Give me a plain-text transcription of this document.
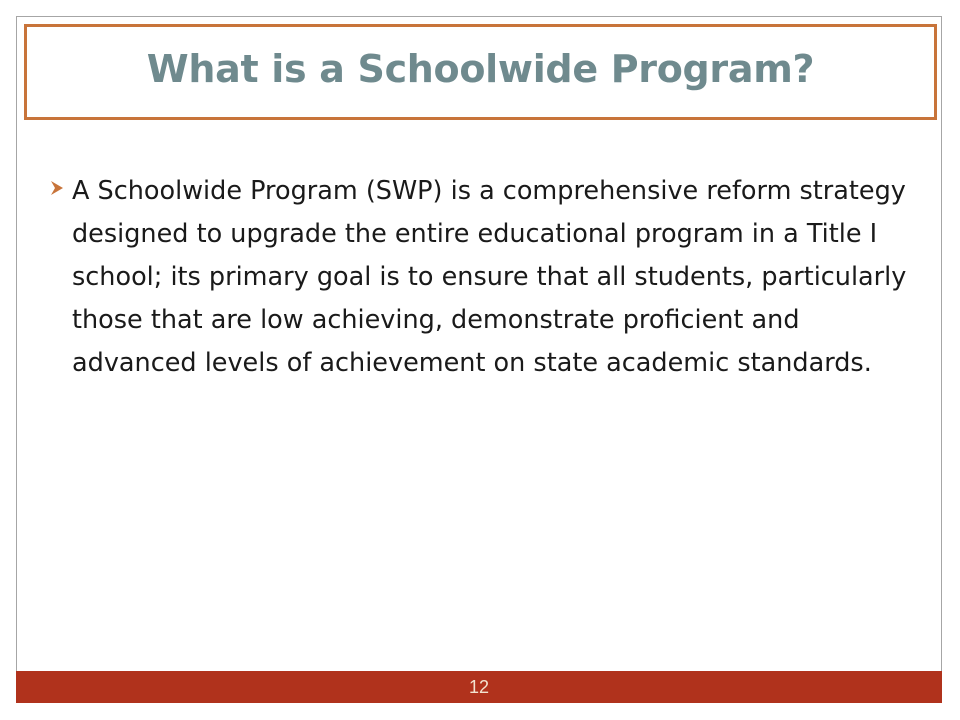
What is a Schoolwide Program?
A Schoolwide Program (SWP) is a comprehensive reform strategy designed to upgrade the entire educational program in a Title I school; its primary goal is to ensure that all students, particularly those that are low achieving, demonstrate proficient and advanced levels of achievement on state academic standards.
12
